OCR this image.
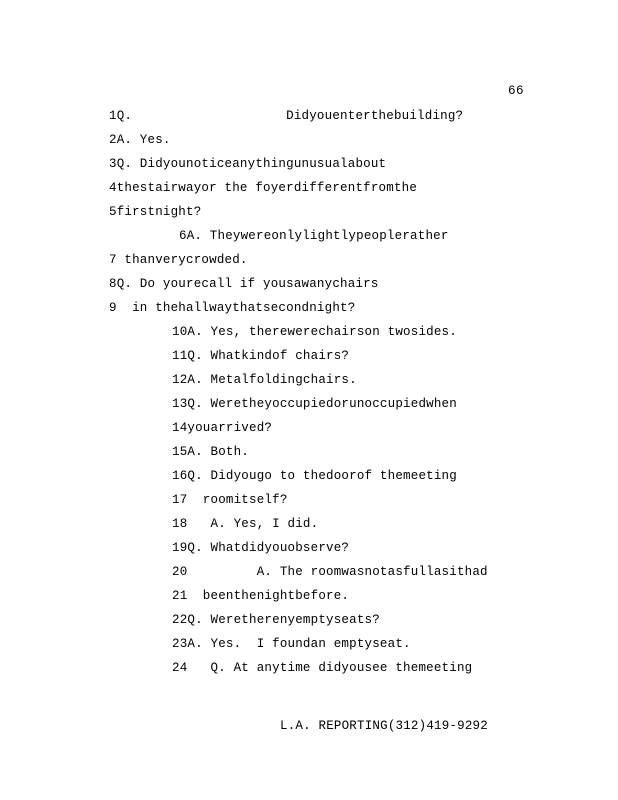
66
1Q.                    Didyouenterthebuilding?
2A. Yes.
3Q. Didyounoticeanythingunusualabout
4thestairwayor the foyerdifferentfromthe
5firstnight?
6A. Theywereonlylightlypeoplerather
7 thanverycrowded.
8Q. Do yourecall if yousawanychairs
9  in thehallwaythatsecondnight?
10A. Yes, therewerechairson twosides.
11Q. Whatkindof chairs?
12A. Metalfoldingchairs.
13Q. Weretheyoccupiedorunoccupiedwhen
14youarrived?
15A. Both.
16Q. Didyougo to thedoorof themeeting
17  roomitself?
18   A. Yes, I did.
19Q. Whatdidyouobserve?
20         A. The roomwasnotasfullasithad
21  beenthenightbefore.
22Q. Weretherenyemptyseats?
23A. Yes.  I foundan emptyseat.
24   Q. At anytime didyousee themeeting
L.A. REPORTING(312)419-9292
